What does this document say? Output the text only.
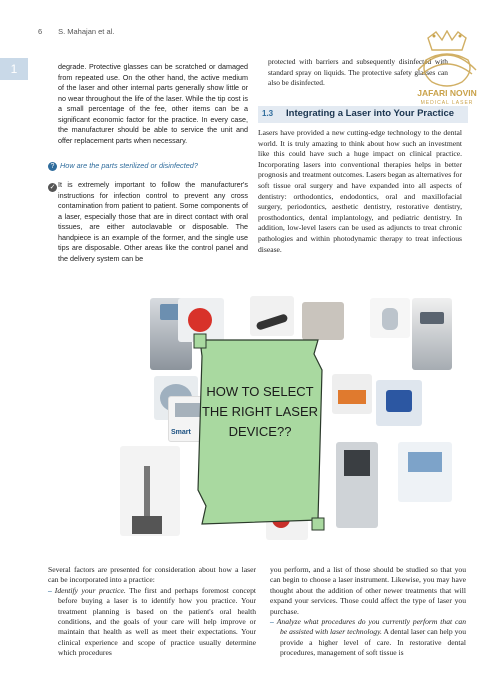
6 S. Mahajan et al.
1	degrade. Protective glasses can be scratched or damaged from repeated use. On the other hand, the active medium of the laser and other internal parts generally show little or no wear throughout the life of the laser. While the tip cost is a small percentage of the fee, other items can be a significant economic factor for the practice. In every case, the manufacturer should be able to service the unit and offer replacement parts when necessary.
? How are the parts sterilized or disinfected?
✓ It is extremely important to follow the manufacturer's instructions for infection control to prevent any cross contamination from patient to patient. Some components of a laser, especially those that are in direct contact with oral tissues, are either autoclavable or disposable. The handpiece is an example of the former, and the single use tips are disposable. Other areas like the control panel and the delivery system can be
protected with barriers and subsequently disinfected with standard spray on liquids. The protective safety glasses can also be disinfected.
JAFARI NOVIN
MEDICAL LASER
1.3 Integrating a Laser into Your Practice
Lasers have provided a new cutting-edge technology to the dental world. It is truly amazing to think about how such an investment like this could have such a huge impact on clinical practice. Incorporating lasers into conventional therapies helps in better prognosis and treatment outcomes. Lasers began as alternatives for soft tissue oral surgery and have expanded into all aspects of dentistry: orthodontics, endodontics, oral and maxillofacial surgery, periodontics, aesthetic dentistry, restorative dentistry, prosthodontics, dental implantology, and pediatric dentistry. In addition, low-level lasers can be used as adjuncts to treat chronic pathologies and within photodynamic therapy to treat infectious disease.
Smart
HOW TO SELECT THE RIGHT LASER DEVICE??
Several factors are presented for consideration about how a laser can be incorporated into a practice:
– Identify your practice. The first and perhaps foremost concept before buying a laser is to identify how you practice. Your treatment planning is based on the patient's oral health conditions, and the goals of your care will help improve or maintain that health as well as meet their expectations. Your clinical experience and scope of practice usually determine which procedures
you perform, and a list of those should be studied so that you can begin to choose a laser instrument. Likewise, you may have thought about the addition of other newer treatments that will expand your services. Those could affect the type of laser you purchase.
– Analyze what procedures do you currently perform that can be assisted with laser technology. A dental laser can help you provide a higher level of care. In restorative dental procedures, management of soft tissue is
